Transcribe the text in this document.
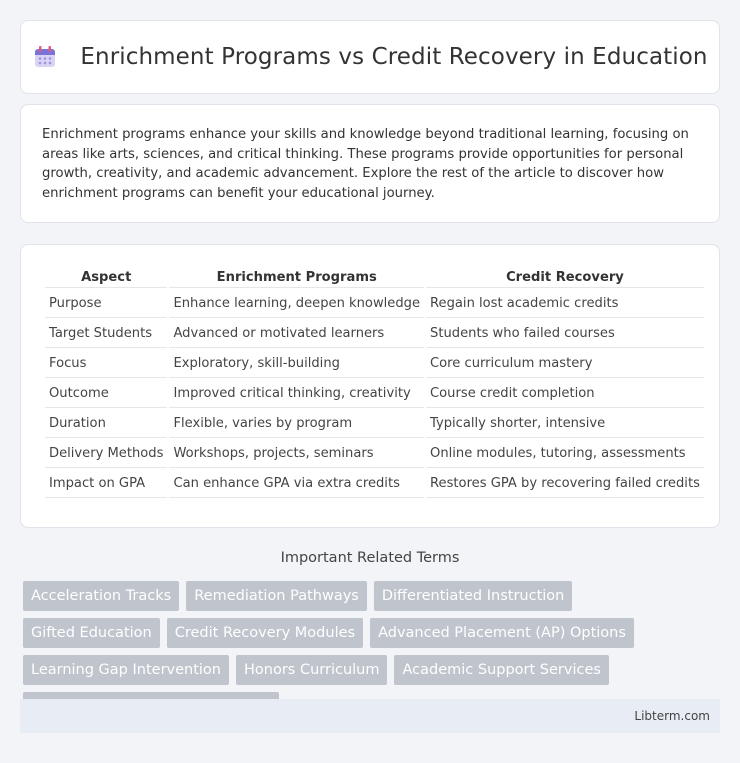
Enrichment Programs vs Credit Recovery in Education

Enrichment programs enhance your skills and knowledge beyond traditional learning, focusing on areas like arts, sciences, and critical thinking. These programs provide opportunities for personal growth, creativity, and academic advancement. Explore the rest of the article to discover how enrichment programs can benefit your educational journey.

Aspect	Enrichment Programs	Credit Recovery
Purpose	Enhance learning, deepen knowledge	Regain lost academic credits
Target Students	Advanced or motivated learners	Students who failed courses
Focus	Exploratory, skill-building	Core curriculum mastery
Outcome	Improved critical thinking, creativity	Course credit completion
Duration	Flexible, varies by program	Typically shorter, intensive
Delivery Methods	Workshops, projects, seminars	Online modules, tutoring, assessments
Impact on GPA	Can enhance GPA via extra credits	Restores GPA by recovering failed credits
Important Related Terms
Acceleration Tracks	Remediation Pathways	Differentiated Instruction
Gifted Education	Credit Recovery Modules	Advanced Placement (AP) Options
Learning Gap Intervention	Honors Curriculum	Academic Support Services
Libterm.com
